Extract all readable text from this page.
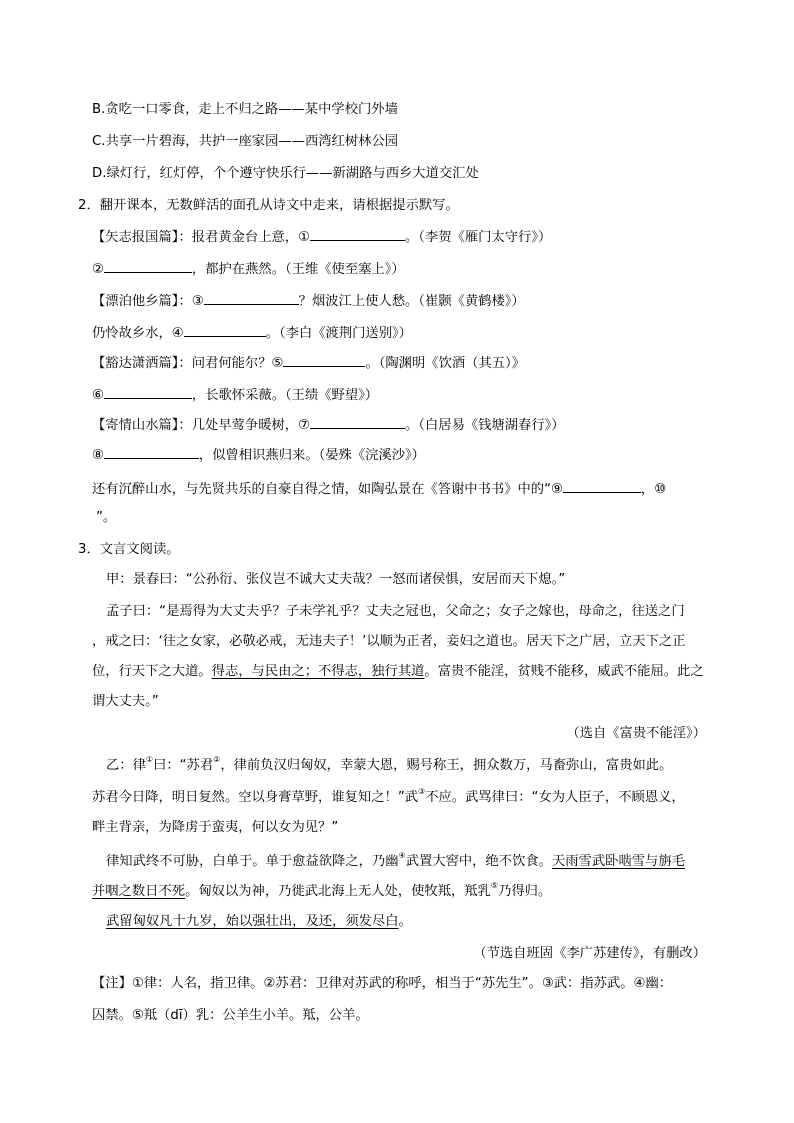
B.贪吃一口零食，走上不归之路——某中学校门外墙
C.共享一片碧海，共护一座家园——西湾红树林公园
D.绿灯行，红灯停，个个遵守快乐行——新湖路与西乡大道交汇处
2．翻开课本，无数鲜活的面孔从诗文中走来，请根据提示默写。
【矢志报国篇】：报君黄金台上意，①	。（李贺《雁门太守行》）
②	，都护在燕然。（王维《使至塞上》）
【漂泊他乡篇】：③	？烟波江上使人愁。（崔颢《黄鹤楼》）
仍怜故乡水，④	。（李白《渡荆门送别》）
【豁达潇洒篇】：问君何能尔？⑤	。（陶渊明《饮酒（其五）》
⑥	，长歌怀采薇。（王绩《野望》）
【寄情山水篇】：几处早莺争暖树，⑦	。（白居易《钱塘湖春行》）
⑧	，似曾相识燕归来。（晏殊《浣溪沙》）
还有沉醉山水，与先贤共乐的自豪自得之情，如陶弘景在《答谢中书书》中的“⑨	，⑩
”。
3．文言文阅读。
甲：景春曰：“公孙衍、张仪岂不诚大丈夫哉？一怒而诸侯惧，安居而天下熄。”
孟子曰：“是焉得为大丈夫乎？子未学礼乎？丈夫之冠也，父命之；女子之嫁也，母命之，往送之门
，戒之曰：‘往之女家，必敬必戒，无违夫子！’以顺为正者，妾妇之道也。居天下之广居，立天下之正
位，行天下之大道。得志，与民由之；不得志，独行其道。富贵不能淫，贫贱不能移，威武不能屈。此之
谓大丈夫。”
（选自《富贵不能淫》）
乙：律①曰：“苏君②，律前负汉归匈奴，幸蒙大恩，赐号称王，拥众数万，马畜弥山，富贵如此。
苏君今日降，明日复然。空以身膏草野，谁复知之！”武③不应。武骂律曰：“女为人臣子，不顾恩义，
畔主背亲，为降虏于蛮夷，何以女为见？”
律知武终不可胁，白单于。单于愈益欲降之，乃幽④武置大窖中，绝不饮食。天雨雪武卧啮雪与旃毛
并咽之数日不死。匈奴以为神，乃徙武北海上无人处，使牧羝，羝乳⑤乃得归。
武留匈奴凡十九岁，始以强壮出，及还，须发尽白。
（节选自班固《李广苏建传》，有删改）
【注】①律：人名，指卫律。②苏君：卫律对苏武的称呼，相当于“苏先生”。③武：指苏武。④幽：
囚禁。⑤羝（dī）乳：公羊生小羊。羝，公羊。
